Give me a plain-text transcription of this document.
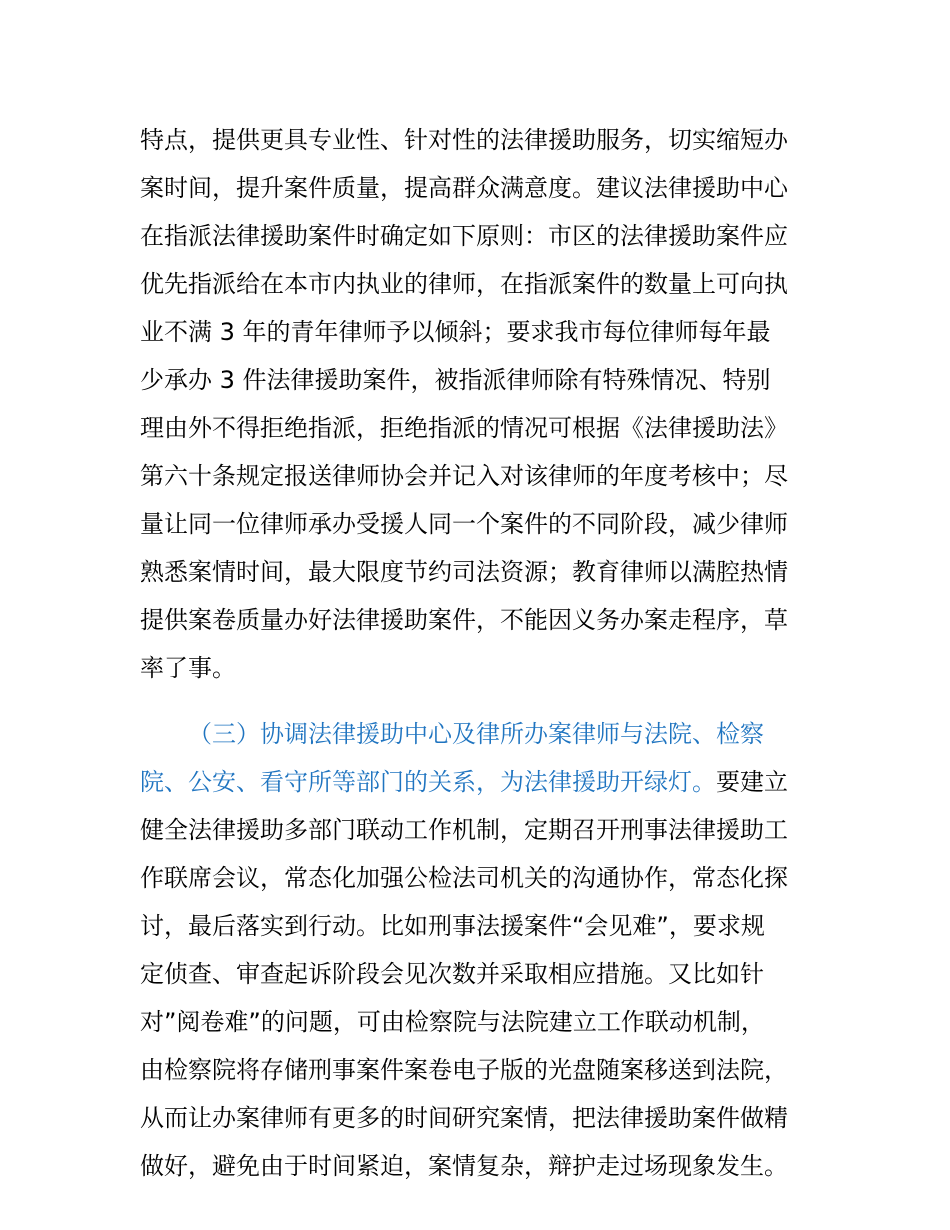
特点，提供更具专业性、针对性的法律援助服务，切实缩短办
案时间，提升案件质量，提高群众满意度。建议法律援助中心
在指派法律援助案件时确定如下原则：市区的法律援助案件应
优先指派给在本市内执业的律师，在指派案件的数量上可向执
业不满 3 年的青年律师予以倾斜；要求我市每位律师每年最
少承办 3 件法律援助案件，被指派律师除有特殊情况、特别
理由外不得拒绝指派，拒绝指派的情况可根据《法律援助法》
第六十条规定报送律师协会并记入对该律师的年度考核中；尽
量让同一位律师承办受援人同一个案件的不同阶段，减少律师
熟悉案情时间，最大限度节约司法资源；教育律师以满腔热情
提供案卷质量办好法律援助案件，不能因义务办案走程序，草
率了事。
（三）协调法律援助中心及律所办案律师与法院、检察
院、公安、看守所等部门的关系，为法律援助开绿灯。要建立
健全法律援助多部门联动工作机制，定期召开刑事法律援助工
作联席会议，常态化加强公检法司机关的沟通协作，常态化探
讨，最后落实到行动。比如刑事法援案件“会见难”，要求规
定侦查、审查起诉阶段会见次数并采取相应措施。又比如针
对”阅卷难”的问题，可由检察院与法院建立工作联动机制，
由检察院将存储刑事案件案卷电子版的光盘随案移送到法院，
从而让办案律师有更多的时间研究案情，把法律援助案件做精
做好，避免由于时间紧迫，案情复杂，辩护走过场现象发生。
